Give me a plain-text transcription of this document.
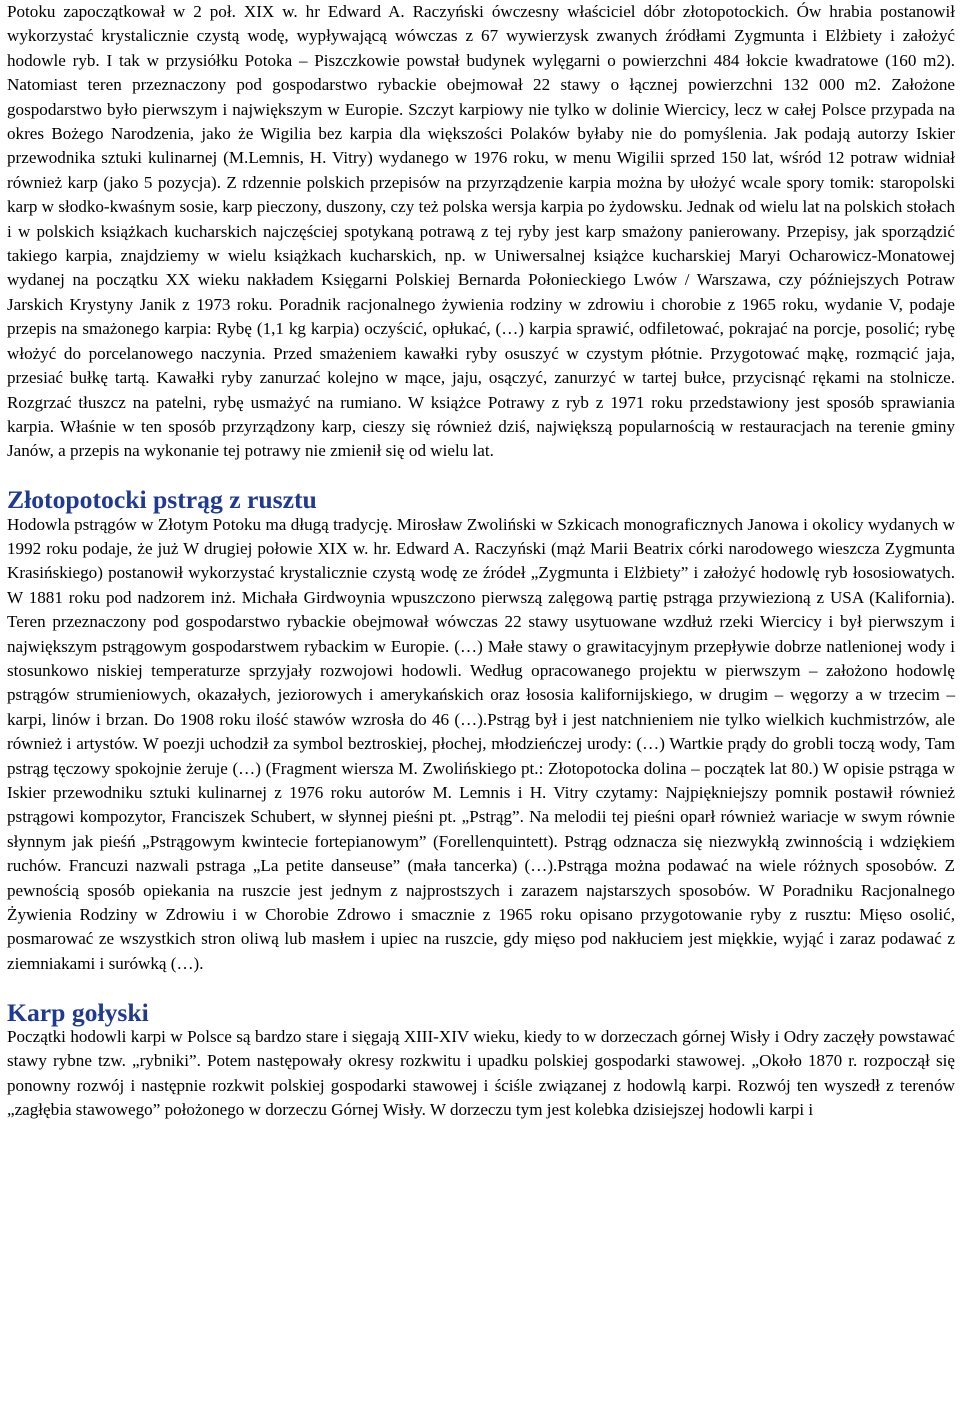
Potoku zapoczątkował w 2 poł. XIX w. hr Edward A. Raczyński ówczesny właściciel dóbr złotopotockich. Ów hrabia postanowił wykorzystać krystalicznie czystą wodę, wypływającą wówczas z 67 wywierzysk zwanych źródłami Zygmunta i Elżbiety i założyć hodowle ryb. I tak w przysiółku Potoka – Piszczkowie powstał budynek wylęgarni o powierzchni 484 łokcie kwadratowe (160 m2). Natomiast teren przeznaczony pod gospodarstwo rybackie obejmował 22 stawy o łącznej powierzchni 132 000 m2. Założone gospodarstwo było pierwszym i największym w Europie. Szczyt karpiowy nie tylko w dolinie Wiercicy, lecz w całej Polsce przypada na okres Bożego Narodzenia, jako że Wigilia bez karpia dla większości Polaków byłaby nie do pomyślenia. Jak podają autorzy Iskier przewodnika sztuki kulinarnej (M.Lemnis, H. Vitry) wydanego w 1976 roku, w menu Wigilii sprzed 150 lat, wśród 12 potraw widniał również karp (jako 5 pozycja). Z rdzennie polskich przepisów na przyrządzenie karpia można by ułożyć wcale spory tomik: staropolski karp w słodko-kwaśnym sosie, karp pieczony, duszony, czy też polska wersja karpia po żydowsku. Jednak od wielu lat na polskich stołach i w polskich książkach kucharskich najczęściej spotykaną potrawą z tej ryby jest karp smażony panierowany. Przepisy, jak sporządzić takiego karpia, znajdziemy w wielu książkach kucharskich, np. w Uniwersalnej książce kucharskiej Maryi Ocharowicz-Monatowej wydanej na początku XX wieku nakładem Księgarni Polskiej Bernarda Połonieckiego Lwów / Warszawa, czy późniejszych Potraw Jarskich Krystyny Janik z 1973 roku. Poradnik racjonalnego żywienia rodziny w zdrowiu i chorobie z 1965 roku, wydanie V, podaje przepis na smażonego karpia: Rybę (1,1 kg karpia) oczyścić, opłukać, (…) karpia sprawić, odfiletować, pokrajać na porcje, posolić; rybę włożyć do porcelanowego naczynia. Przed smażeniem kawałki ryby osuszyć w czystym płótnie. Przygotować mąkę, rozmącić jaja, przesiać bułkę tartą. Kawałki ryby zanurzać kolejno w mące, jaju, osączyć, zanurzyć w tartej bułce, przycisnąć rękami na stolnicze. Rozgrzać tłuszcz na patelni, rybę usmażyć na rumiano. W książce Potrawy z ryb z 1971 roku przedstawiony jest sposób sprawiania karpia. Właśnie w ten sposób przyrządzony karp, cieszy się również dziś, największą popularnością w restauracjach na terenie gminy Janów, a przepis na wykonanie tej potrawy nie zmienił się od wielu lat.

Złotopotocki pstrąg z rusztu

Hodowla pstrągów w Złotym Potoku ma długą tradycję. Mirosław Zwoliński w Szkicach monograficznych Janowa i okolicy wydanych w 1992 roku podaje, że już W drugiej połowie XIX w. hr. Edward A. Raczyński (mąż Marii Beatrix córki narodowego wieszcza Zygmunta Krasińskiego) postanowił wykorzystać krystalicznie czystą wodę ze źródeł „Zygmunta i Elżbiety” i założyć hodowlę ryb łososiowatych. W 1881 roku pod nadzorem inż. Michała Girdwoynia wpuszczono pierwszą zalęgową partię pstrąga przywiezioną z USA (Kalifornia). Teren przeznaczony pod gospodarstwo rybackie obejmował wówczas 22 stawy usytuowane wzdłuż rzeki Wiercicy i był pierwszym i największym pstrągowym gospodarstwem rybackim w Europie. (…) Małe stawy o grawitacyjnym przepływie dobrze natlenionej wody i stosunkowo niskiej temperaturze sprzyjały rozwojowi hodowli. Według opracowanego projektu w pierwszym – założono hodowlę pstrągów strumieniowych, okazałych, jeziorowych i amerykańskich oraz łososia kalifornijskiego, w drugim – węgorzy a w trzecim – karpi, linów i brzan. Do 1908 roku ilość stawów wzrosła do 46 (…).Pstrąg był i jest natchnieniem nie tylko wielkich kuchmistrzów, ale również i artystów. W poezji uchodził za symbol beztroskiej, płochej, młodzieńczej urody: (…) Wartkie prądy do grobli toczą wody, Tam pstrąg tęczowy spokojnie żeruje (…) (Fragment wiersza M. Zwolińskiego pt.: Złotopotocka dolina – początek lat 80.) W opisie pstrąga w Iskier przewodniku sztuki kulinarnej z 1976 roku autorów M. Lemnis i H. Vitry czytamy: Najpiękniejszy pomnik postawił również pstrągowi kompozytor, Franciszek Schubert, w słynnej pieśni pt. „Pstrąg”. Na melodii tej pieśni oparł również wariacje w swym równie słynnym jak pieśń „Pstrągowym kwintecie fortepianowym” (Forellenquintett). Pstrąg odznacza się niezwykłą zwinnością i wdziękiem ruchów. Francuzi nazwali pstraga „La petite danseuse” (mała tancerka) (…).Pstrąga można podawać na wiele różnych sposobów. Z pewnością sposób opiekania na ruszcie jest jednym z najprostszych i zarazem najstarszych sposobów. W Poradniku Racjonalnego Żywienia Rodziny w Zdrowiu i w Chorobie Zdrowo i smacznie z 1965 roku opisano przygotowanie ryby z rusztu: Mięso osolić, posmarować ze wszystkich stron oliwą lub masłem i upiec na ruszcie, gdy mięso pod nakłuciem jest miękkie, wyjąć i zaraz podawać z ziemniakami i surówką (…).

Karp gołyski

Początki hodowli karpi w Polsce są bardzo stare i sięgają XIII-XIV wieku, kiedy to w dorzeczach górnej Wisły i Odry zaczęły powstawać stawy rybne tzw. „rybniki”. Potem następowały okresy rozkwitu i upadku polskiej gospodarki stawowej. „Około 1870 r. rozpoczął się ponowny rozwój i następnie rozkwit polskiej gospodarki stawowej i ściśle związanej z hodowlą karpi. Rozwój ten wyszedł z terenów „zagłębia stawowego” położonego w dorzeczu Górnej Wisły. W dorzeczu tym jest kolebka dzisiejszej hodowli karpi i
